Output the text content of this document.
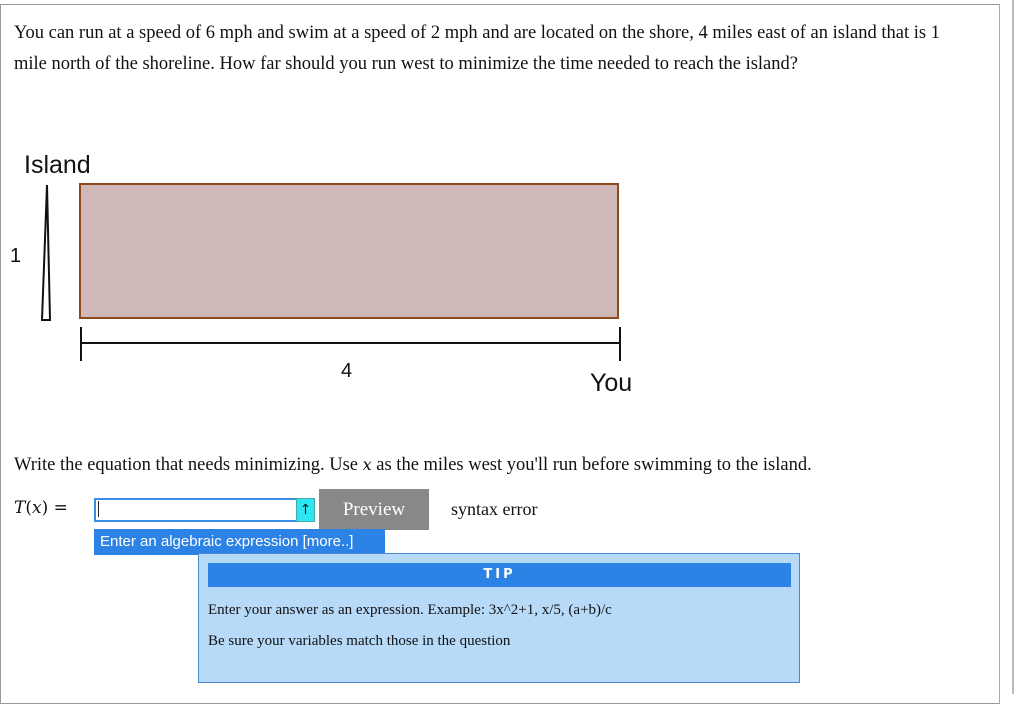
You can run at a speed of 6 mph and swim at a speed of 2 mph and are located on the shore, 4 miles east of an island that is 1 mile north of the shoreline. How far should you run west to minimize the time needed to reach the island?

Island
1
4	You

Write the equation that needs minimizing. Use x as the miles west you'll run before swimming to the island.

T(x) =	↑	Preview	syntax error
Enter an algebraic expression [more..]
TIP
Enter your answer as an expression. Example: 3x^2+1, x/5, (a+b)/c
Be sure your variables match those in the question
